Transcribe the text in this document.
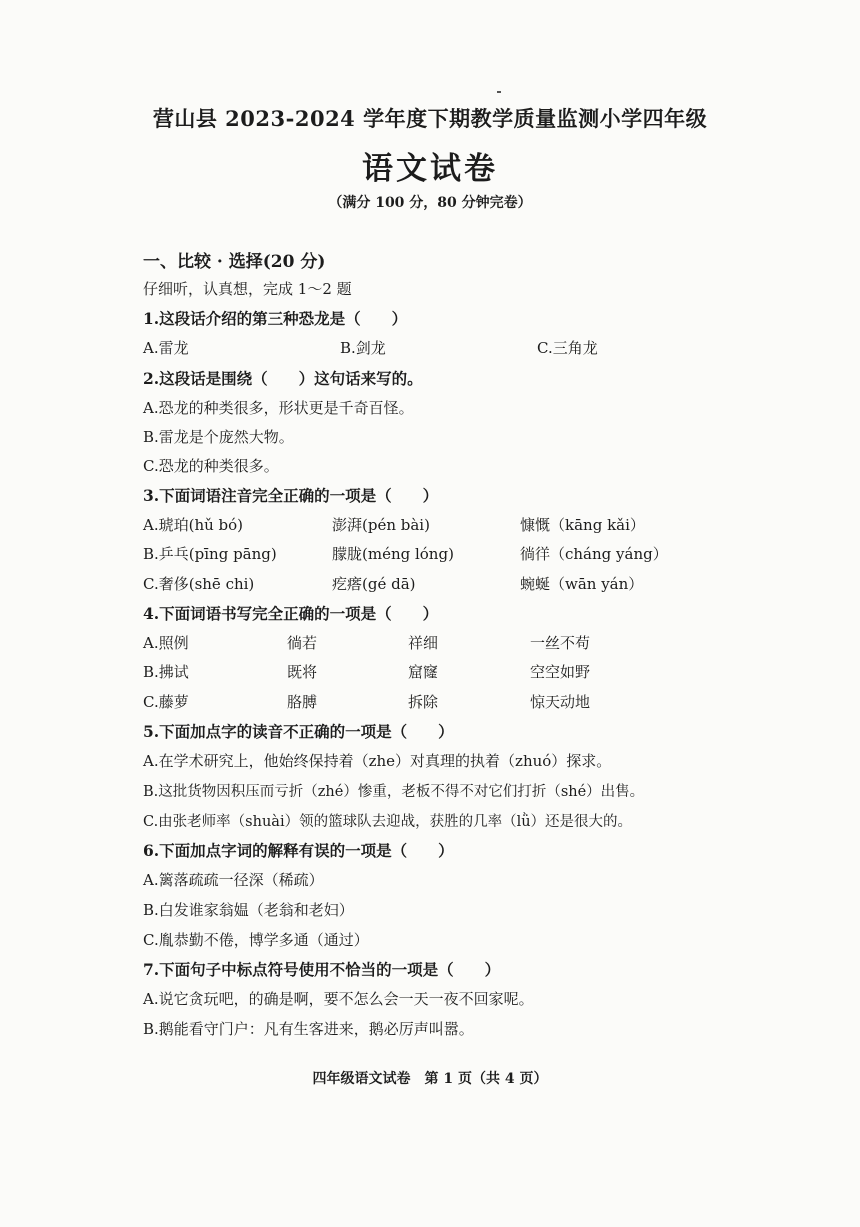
营山县 2023-2024 学年度下期教学质量监测小学四年级
语文试卷
（满分 100 分，80 分钟完卷）
一、比较 · 选择(20 分)
仔细听，认真想，完成 1～2 题
1.这段话介绍的第三种恐龙是（　　）
A.雷龙	B.剑龙	C.三角龙
2.这段话是围绕（　　）这句话来写的。
A.恐龙的种类很多，形状更是千奇百怪。
B.雷龙是个庞然大物。
C.恐龙的种类很多。
3.下面词语注音完全正确的一项是（　　）
A.琥珀(hǔ bó)	澎湃(pén bài)	慷慨（kāng kǎi）
B.乒乓(pīng pāng)	朦胧(méng lóng)	徜徉（cháng yáng）
C.奢侈(shē chi)	疙瘩(gé dā)	蜿蜒（wān yán）
4.下面词语书写完全正确的一项是（　　）
A.照例	徜若	祥细	一丝不苟
B.拂试	既将	窟窿	空空如野
C.藤萝	胳膊	拆除	惊天动地
5.下面加点字的读音不正确的一项是（　　）
A.在学术研究上，他始终保持着（zhe）对真理的执着（zhuó）探求。
B.这批货物因积压而亏折（zhé）惨重，老板不得不对它们打折（shé）出售。
C.由张老师率（shuài）领的篮球队去迎战，获胜的几率（lǜ）还是很大的。
6.下面加点字词的解释有误的一项是（　　）
A.篱落疏疏一径深（稀疏）
B.白发谁家翁媪（老翁和老妇）
C.胤恭勤不倦，博学多通（通过）
7.下面句子中标点符号使用不恰当的一项是（　　）
A.说它贪玩吧，的确是啊，要不怎么会一天一夜不回家呢。
B.鹅能看守门户：凡有生客进来，鹅必厉声叫嚣。
四年级语文试卷　第 1 页（共 4 页）
